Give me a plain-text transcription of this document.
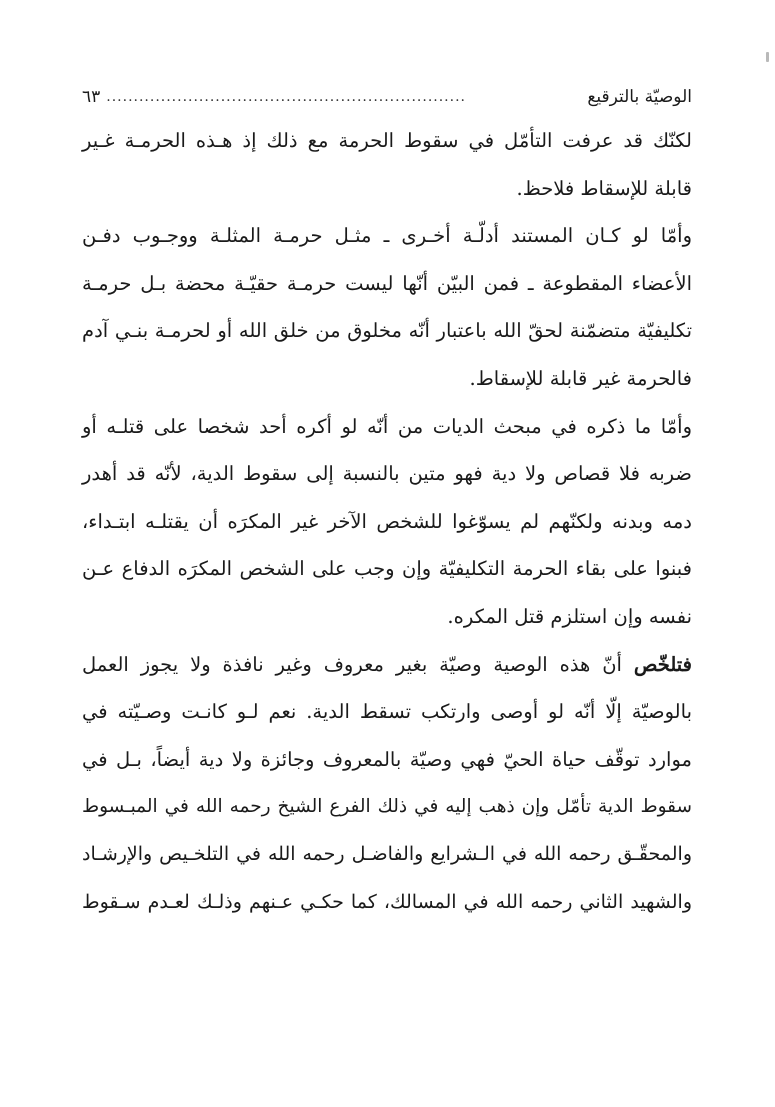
الوصيّة بالترقيع
..................................................................
٦٣
لكنّك قد عرفت التأمّل في سقوط الحرمة مع ذلك إذ هـذه الحرمـة غـير
قابلة للإسقاط فلاحظ.
وأمّا لو كـان المستند أدلّـة أخـرى ـ مثـل حرمـة المثلـة ووجـوب دفـن
الأعضاء المقطوعة ـ فمن البيّن أنّها ليست حرمـة حقيّـة محضة بـل حرمـة
تكليفيّة متضمّنة لحقّ الله باعتبار أنّه مخلوق من خلق الله أو لحرمـة بنـي آدم
فالحرمة غير قابلة للإسقاط.
وأمّا ما ذكره في مبحث الديات من أنّه لو أكره أحد شخصا على قتلـه أو
ضربه فلا قصاص ولا دية فهو متين بالنسبة إلى سقوط الدية، لأنّه قد أهدر
دمه وبدنه ولكنّهم لم يسوّغوا للشخص الآخر غير المكرَه أن يقتلـه ابتـداء،
فبنوا على بقاء الحرمة التكليفيّة وإن وجب على الشخص المكرَه الدفاع عـن
نفسه وإن استلزم قتل المكره.
فتلخّص أنّ هذه الوصية وصيّة بغير معروف وغير نافذة ولا يجوز العمل
بالوصيّة إلّا أنّه لو أوصى وارتكب تسقط الدية. نعم لـو كانـت وصـيّته في
موارد توقّف حياة الحيّ فهي وصيّة بالمعروف وجائزة ولا دية أيضاً، بـل في
سقوط الدية تأمّل وإن ذهب إليه في ذلك الفرع الشيخ رحمه الله في المبـسوط
والمحقّـق رحمه الله في الـشرايع والفاضـل رحمه الله في التلخـيص والإرشـاد
والشهيد الثاني رحمه الله في المسالك، كما حكـي عـنهم وذلـك لعـدم سـقوط
